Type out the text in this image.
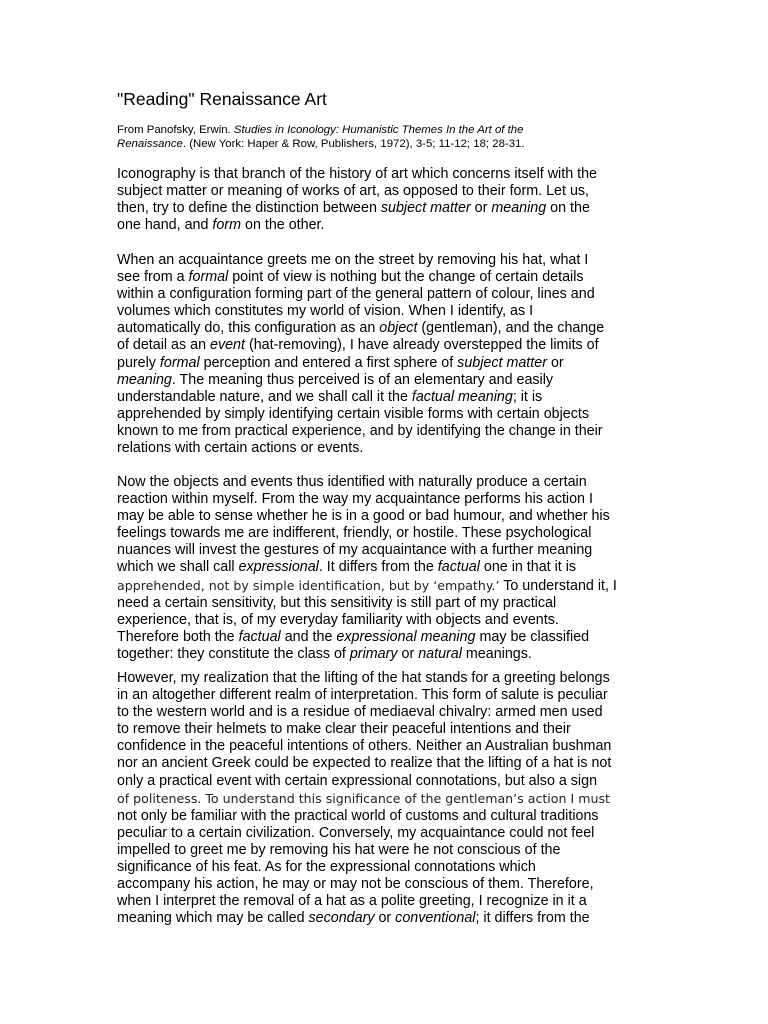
"Reading" Renaissance Art
From Panofsky, Erwin. Studies in Iconology: Humanistic Themes In the Art of the
Renaissance. (New York: Haper & Row, Publishers, 1972), 3-5; 11-12; 18; 28-31.
Iconography is that branch of the history of art which concerns itself with the
subject matter or meaning of works of art, as opposed to their form. Let us,
then, try to define the distinction between subject matter or meaning on the
one hand, and form on the other.
When an acquaintance greets me on the street by removing his hat, what I
see from a formal point of view is nothing but the change of certain details
within a configuration forming part of the general pattern of colour, lines and
volumes which constitutes my world of vision. When I identify, as I
automatically do, this configuration as an object (gentleman), and the change
of detail as an event (hat-removing), I have already overstepped the limits of
purely formal perception and entered a first sphere of subject matter or
meaning. The meaning thus perceived is of an elementary and easily
understandable nature, and we shall call it the factual meaning; it is
apprehended by simply identifying certain visible forms with certain objects
known to me from practical experience, and by identifying the change in their
relations with certain actions or events.
Now the objects and events thus identified with naturally produce a certain
reaction within myself. From the way my acquaintance performs his action I
may be able to sense whether he is in a good or bad humour, and whether his
feelings towards me are indifferent, friendly, or hostile. These psychological
nuances will invest the gestures of my acquaintance with a further meaning
which we shall call expressional. It differs from the factual one in that it is
apprehended, not by simple identification, but by ‘empathy.’ To understand it, I
need a certain sensitivity, but this sensitivity is still part of my practical
experience, that is, of my everyday familiarity with objects and events.
Therefore both the factual and the expressional meaning may be classified
together: they constitute the class of primary or natural meanings.
However, my realization that the lifting of the hat stands for a greeting belongs
in an altogether different realm of interpretation. This form of salute is peculiar
to the western world and is a residue of mediaeval chivalry: armed men used
to remove their helmets to make clear their peaceful intentions and their
confidence in the peaceful intentions of others. Neither an Australian bushman
nor an ancient Greek could be expected to realize that the lifting of a hat is not
only a practical event with certain expressional connotations, but also a sign
of politeness. To understand this significance of the gentleman’s action I must
not only be familiar with the practical world of customs and cultural traditions
peculiar to a certain civilization. Conversely, my acquaintance could not feel
impelled to greet me by removing his hat were he not conscious of the
significance of his feat. As for the expressional connotations which
accompany his action, he may or may not be conscious of them. Therefore,
when I interpret the removal of a hat as a polite greeting, I recognize in it a
meaning which may be called secondary or conventional; it differs from the
